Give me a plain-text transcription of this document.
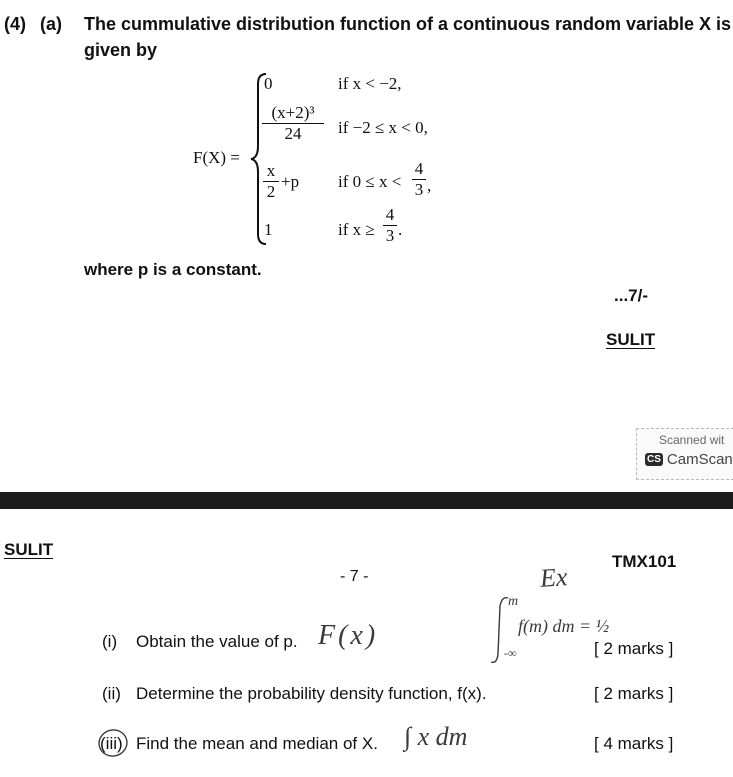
(4) (a) The cummulative distribution function of a continuous random variable X is
given by
F(X) =
0	if x < −2,
(x+2)³
24	if −2 ≤ x < 0,
x
2
+p if 0 ≤ x <
4
3 ,
1	if x ≥
4
3 .
where p is a constant.
...7/-
SULIT
Scanned wit
CS CamScan
SULIT
- 7 -
TMX101
(i) Obtain the value of p.	[ 2 marks ]
(ii) Determine the probability density function, f(x).	[ 2 marks ]
(iii) Find the mean and median of X.	[ 4 marks ]
Ex
F(x)
m
-∞
f(m) dm = ½
∫ x dm
